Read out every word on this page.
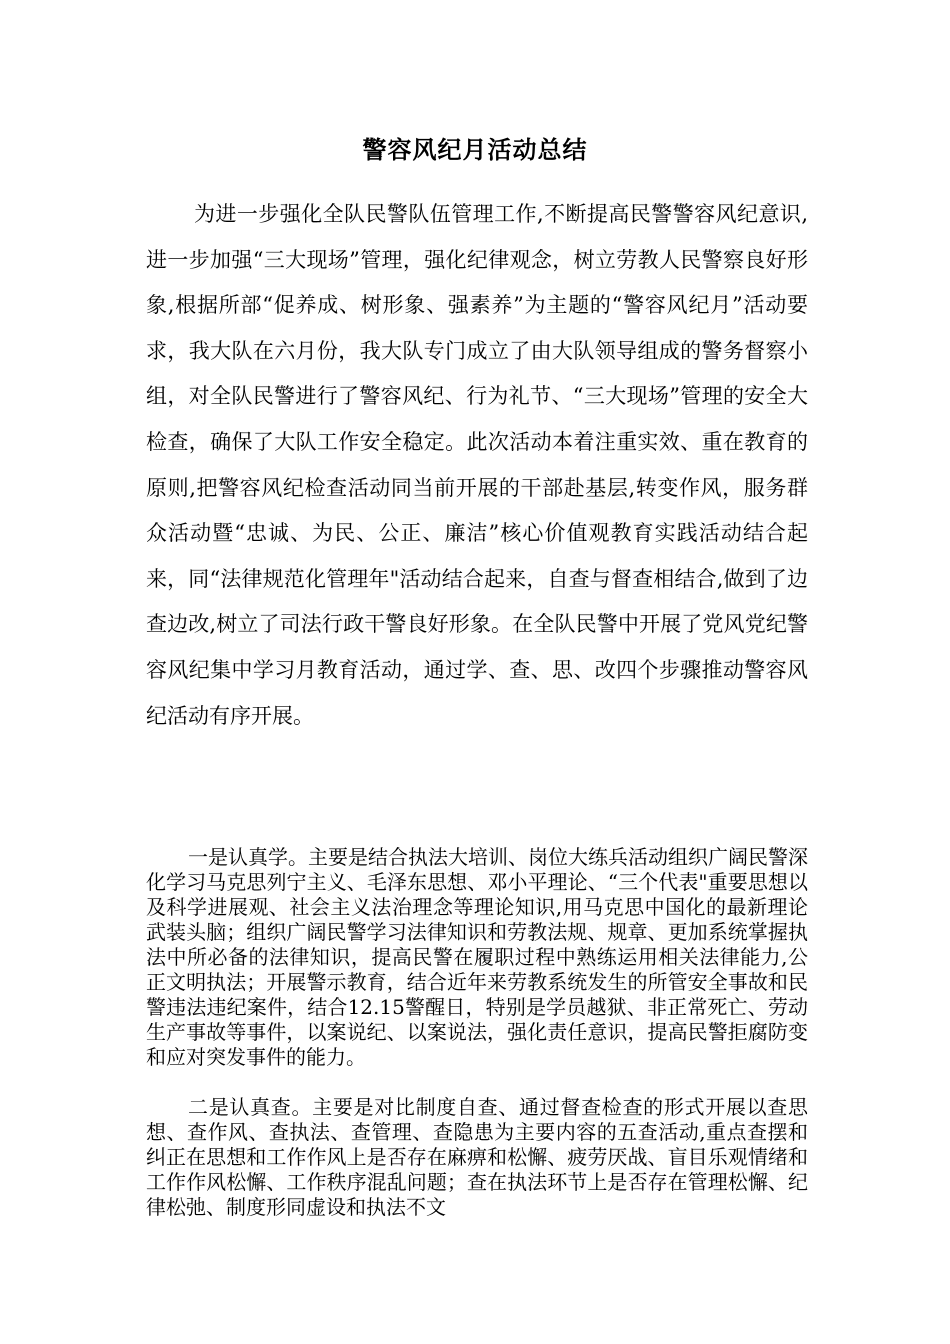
警容风纪月活动总结

为进一步强化全队民警队伍管理工作,不断提高民警警容风纪意识,进一步加强“三大现场”管理，强化纪律观念，树立劳教人民警察良好形象,根据所部“促养成、树形象、强素养”为主题的“警容风纪月”活动要求，我大队在六月份，我大队专门成立了由大队领导组成的警务督察小组，对全队民警进行了警容风纪、行为礼节、“三大现场”管理的安全大检查，确保了大队工作安全稳定。此次活动本着注重实效、重在教育的原则,把警容风纪检查活动同当前开展的干部赴基层,转变作风，服务群众活动暨“忠诚、为民、公正、廉洁”核心价值观教育实践活动结合起来，同“法律规范化管理年"活动结合起来，自查与督查相结合,做到了边查边改,树立了司法行政干警良好形象。在全队民警中开展了党风党纪警容风纪集中学习月教育活动，通过学、查、思、改四个步骤推动警容风纪活动有序开展。

一是认真学。主要是结合执法大培训、岗位大练兵活动组织广阔民警深化学习马克思列宁主义、毛泽东思想、邓小平理论、“三个代表"重要思想以及科学进展观、社会主义法治理念等理论知识,用马克思中国化的最新理论武装头脑；组织广阔民警学习法律知识和劳教法规、规章、更加系统掌握执法中所必备的法律知识，提高民警在履职过程中熟练运用相关法律能力,公正文明执法；开展警示教育，结合近年来劳教系统发生的所管安全事故和民警违法违纪案件，结合12.15警醒日，特别是学员越狱、非正常死亡、劳动生产事故等事件，以案说纪、以案说法，强化责任意识，提高民警拒腐防变和应对突发事件的能力。

二是认真查。主要是对比制度自查、通过督查检查的形式开展以查思想、查作风、查执法、查管理、查隐患为主要内容的五查活动,重点查摆和纠正在思想和工作作风上是否存在麻痹和松懈、疲劳厌战、盲目乐观情绪和工作作风松懈、工作秩序混乱问题；查在执法环节上是否存在管理松懈、纪律松弛、制度形同虚设和执法不文
